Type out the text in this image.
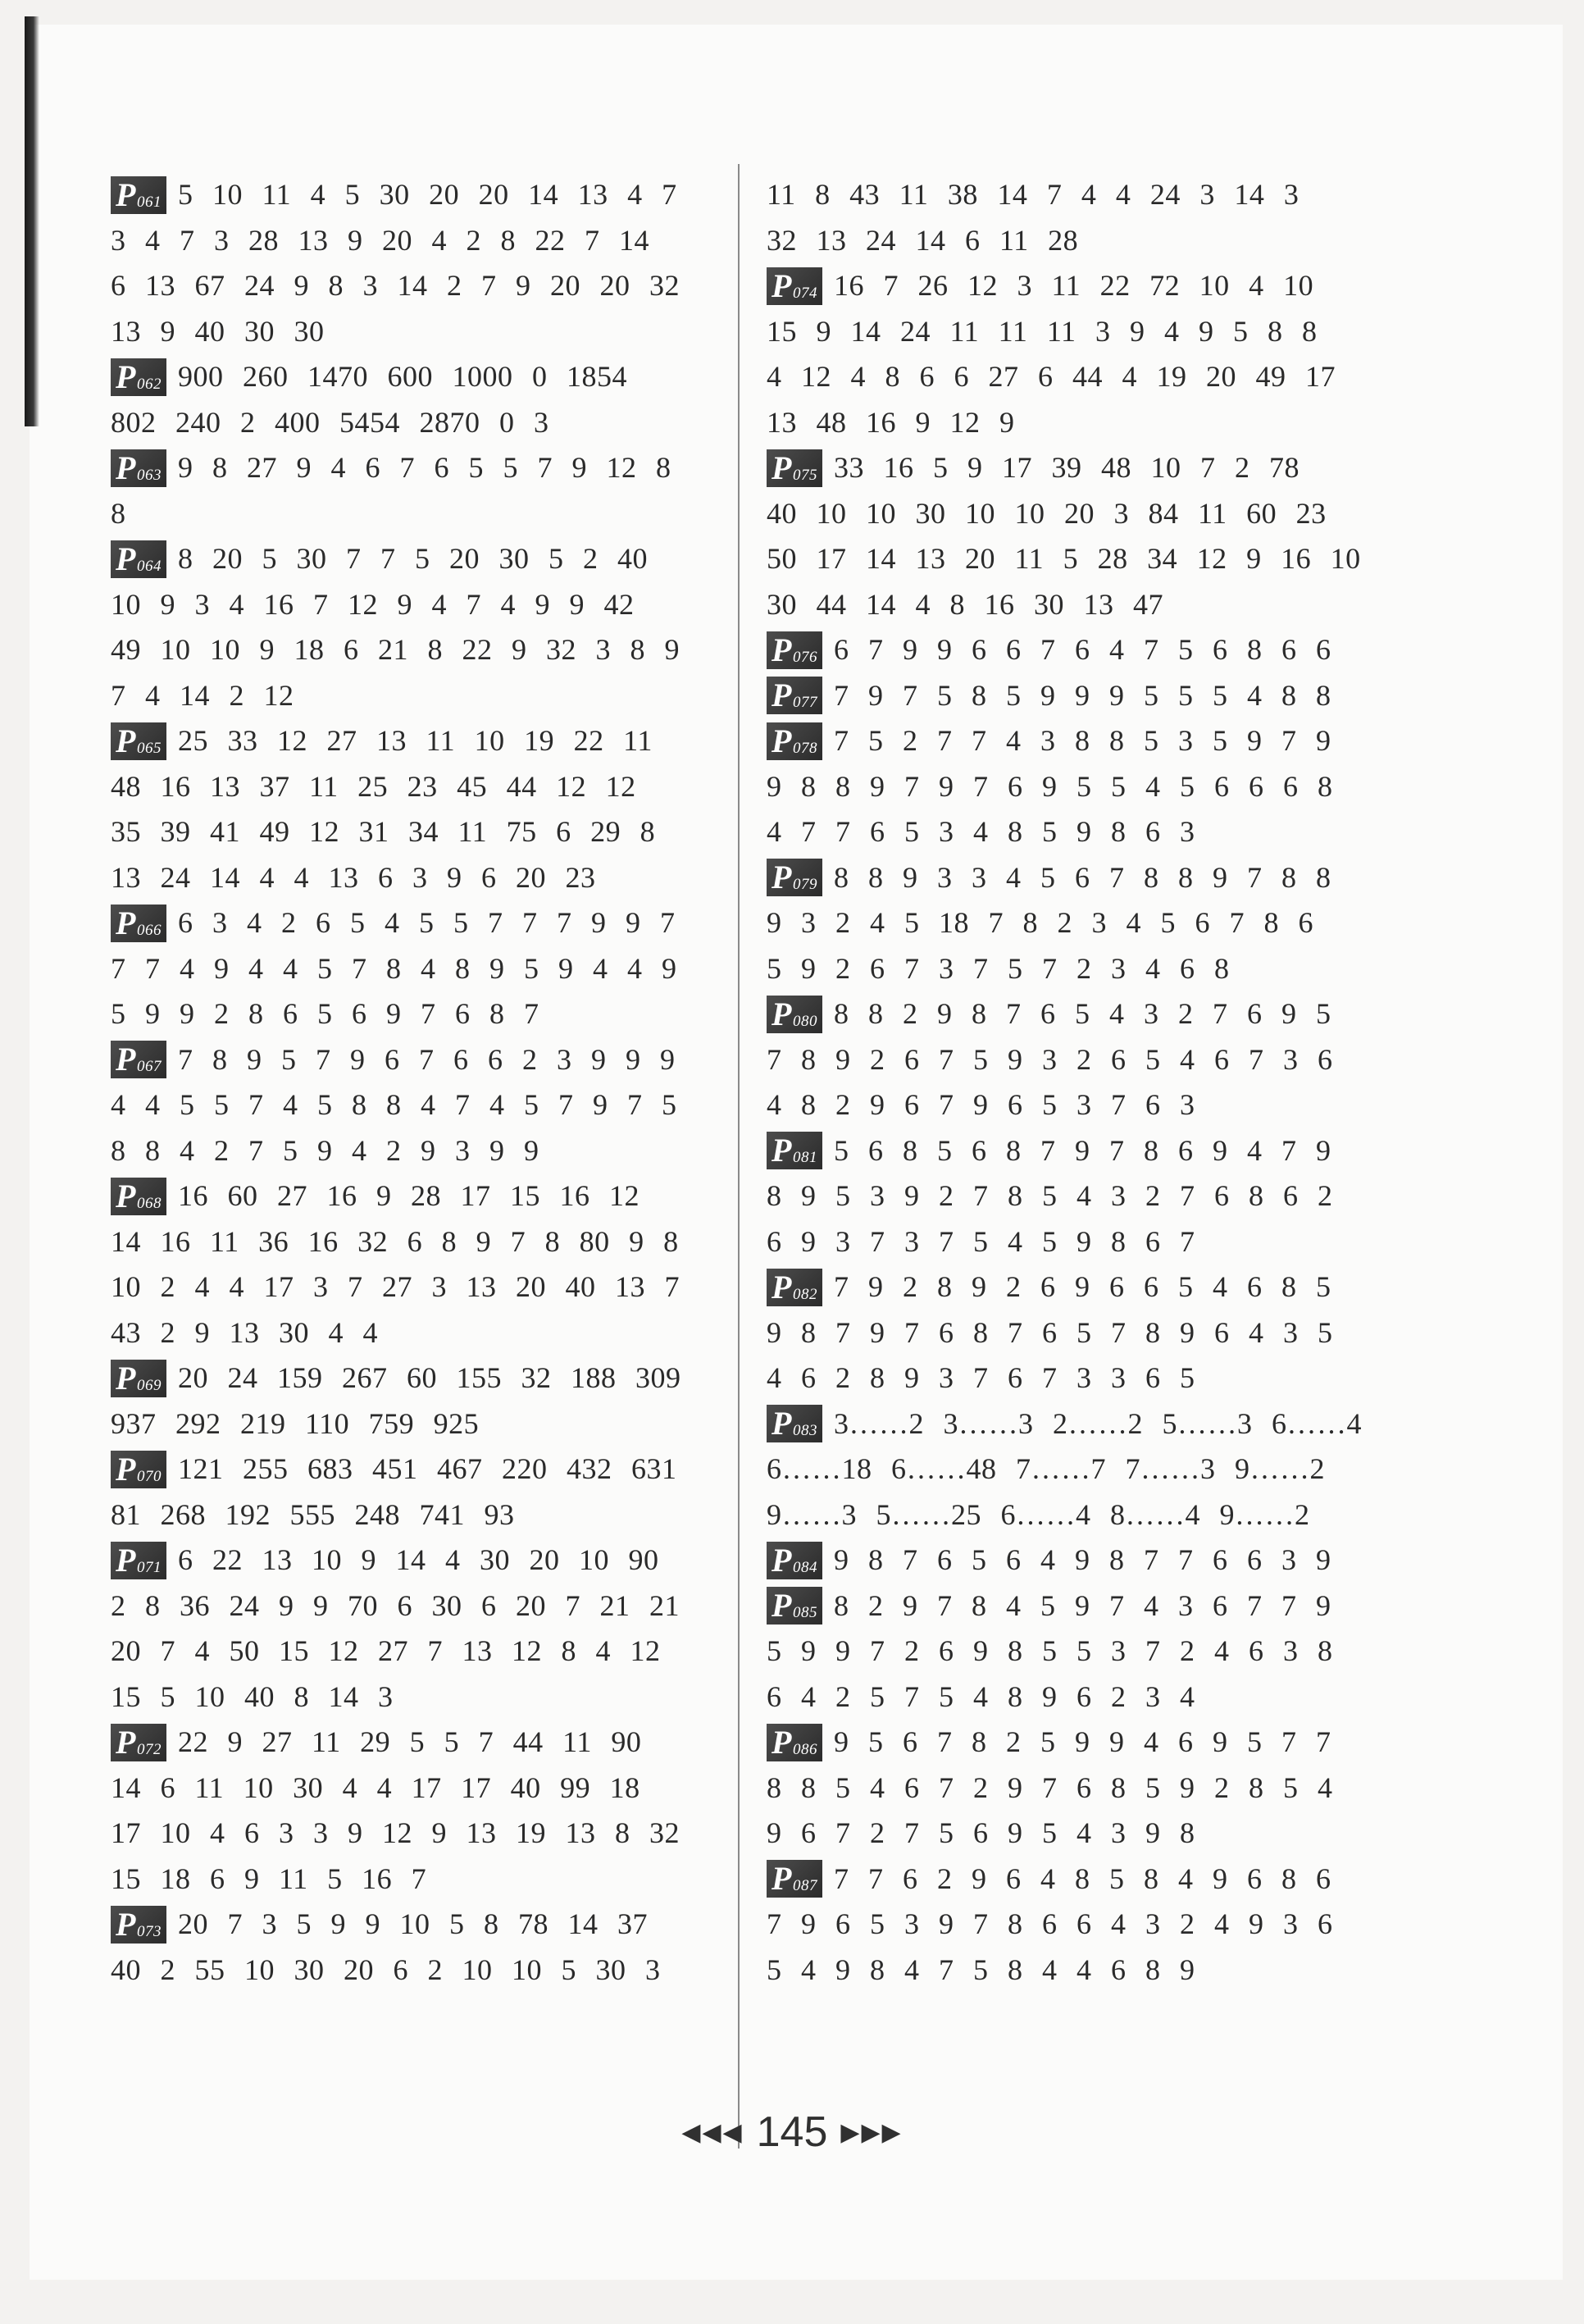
P 061 5 10 11 4 5 30 20 20 14 13 4 7
3 4 7 3 28 13 9 20 4 2 8 22 7 14
6 13 67 24 9 8 3 14 2 7 9 20 20 32
13 9 40 30 30
P 062 900 260 1470 600 1000 0 1854
802 240 2 400 5454 2870 0 3
P 063 9 8 27 9 4 6 7 6 5 5 7 9 12 8
8
P 064 8 20 5 30 7 7 5 20 30 5 2 40
10 9 3 4 16 7 12 9 4 7 4 9 9 42
49 10 10 9 18 6 21 8 22 9 32 3 8 9
7 4 14 2 12
P 065 25 33 12 27 13 11 10 19 22 11
48 16 13 37 11 25 23 45 44 12 12
35 39 41 49 12 31 34 11 75 6 29 8
13 24 14 4 4 13 6 3 9 6 20 23
P 066 6 3 4 2 6 5 4 5 5 7 7 7 9 9 7
7 7 4 9 4 4 5 7 8 4 8 9 5 9 4 4 9
5 9 9 2 8 6 5 6 9 7 6 8 7
P 067 7 8 9 5 7 9 6 7 6 6 2 3 9 9 9
4 4 5 5 7 4 5 8 8 4 7 4 5 7 9 7 5
8 8 4 2 7 5 9 4 2 9 3 9 9
P 068 16 60 27 16 9 28 17 15 16 12
14 16 11 36 16 32 6 8 9 7 8 80 9 8
10 2 4 4 17 3 7 27 3 13 20 40 13 7
43 2 9 13 30 4 4
P 069 20 24 159 267 60 155 32 188 309
937 292 219 110 759 925
P 070 121 255 683 451 467 220 432 631
81 268 192 555 248 741 93
P 071 6 22 13 10 9 14 4 30 20 10 90
2 8 36 24 9 9 70 6 30 6 20 7 21 21
20 7 4 50 15 12 27 7 13 12 8 4 12
15 5 10 40 8 14 3
P 072 22 9 27 11 29 5 5 7 44 11 90
14 6 11 10 30 4 4 17 17 40 99 18
17 10 4 6 3 3 9 12 9 13 19 13 8 32
15 18 6 9 11 5 16 7
P 073 20 7 3 5 9 9 10 5 8 78 14 37
40 2 55 10 30 20 6 2 10 10 5 30 3
11 8 43 11 38 14 7 4 4 24 3 14 3
32 13 24 14 6 11 28
P 074 16 7 26 12 3 11 22 72 10 4 10
15 9 14 24 11 11 11 3 9 4 9 5 8 8
4 12 4 8 6 6 27 6 44 4 19 20 49 17
13 48 16 9 12 9
P 075 33 16 5 9 17 39 48 10 7 2 78
40 10 10 30 10 10 20 3 84 11 60 23
50 17 14 13 20 11 5 28 34 12 9 16 10
30 44 14 4 8 16 30 13 47
P 076 6 7 9 9 6 6 7 6 4 7 5 6 8 6 6
P 077 7 9 7 5 8 5 9 9 9 5 5 5 4 8 8
P 078 7 5 2 7 7 4 3 8 8 5 3 5 9 7 9
9 8 8 9 7 9 7 6 9 5 5 4 5 6 6 6 8
4 7 7 6 5 3 4 8 5 9 8 6 3
P 079 8 8 9 3 3 4 5 6 7 8 8 9 7 8 8
9 3 2 4 5 18 7 8 2 3 4 5 6 7 8 6
5 9 2 6 7 3 7 5 7 2 3 4 6 8
P 080 8 8 2 9 8 7 6 5 4 3 2 7 6 9 5
7 8 9 2 6 7 5 9 3 2 6 5 4 6 7 3 6
4 8 2 9 6 7 9 6 5 3 7 6 3
P 081 5 6 8 5 6 8 7 9 7 8 6 9 4 7 9
8 9 5 3 9 2 7 8 5 4 3 2 7 6 8 6 2
6 9 3 7 3 7 5 4 5 9 8 6 7
P 082 7 9 2 8 9 2 6 9 6 6 5 4 6 8 5
9 8 7 9 7 6 8 7 6 5 7 8 9 6 4 3 5
4 6 2 8 9 3 7 6 7 3 3 6 5
P 083 3……2 3……3 2……2 5……3 6……4
6……18 6……48 7……7 7……3 9……2
9……3 5……25 6……4 8……4 9……2
P 084 9 8 7 6 5 6 4 9 8 7 7 6 6 3 9
P 085 8 2 9 7 8 4 5 9 7 4 3 6 7 7 9
5 9 9 7 2 6 9 8 5 5 3 7 2 4 6 3 8
6 4 2 5 7 5 4 8 9 6 2 3 4
P 086 9 5 6 7 8 2 5 9 9 4 6 9 5 7 7
8 8 5 4 6 7 2 9 7 6 8 5 9 2 8 5 4
9 6 7 2 7 5 6 9 5 4 3 9 8
P 087 7 7 6 2 9 6 4 8 5 8 4 9 6 8 6
7 9 6 5 3 9 7 8 6 6 4 3 2 4 9 3 6
5 4 9 8 4 7 5 8 4 4 6 8 9
◀◀◀ 145 ▶▶▶
